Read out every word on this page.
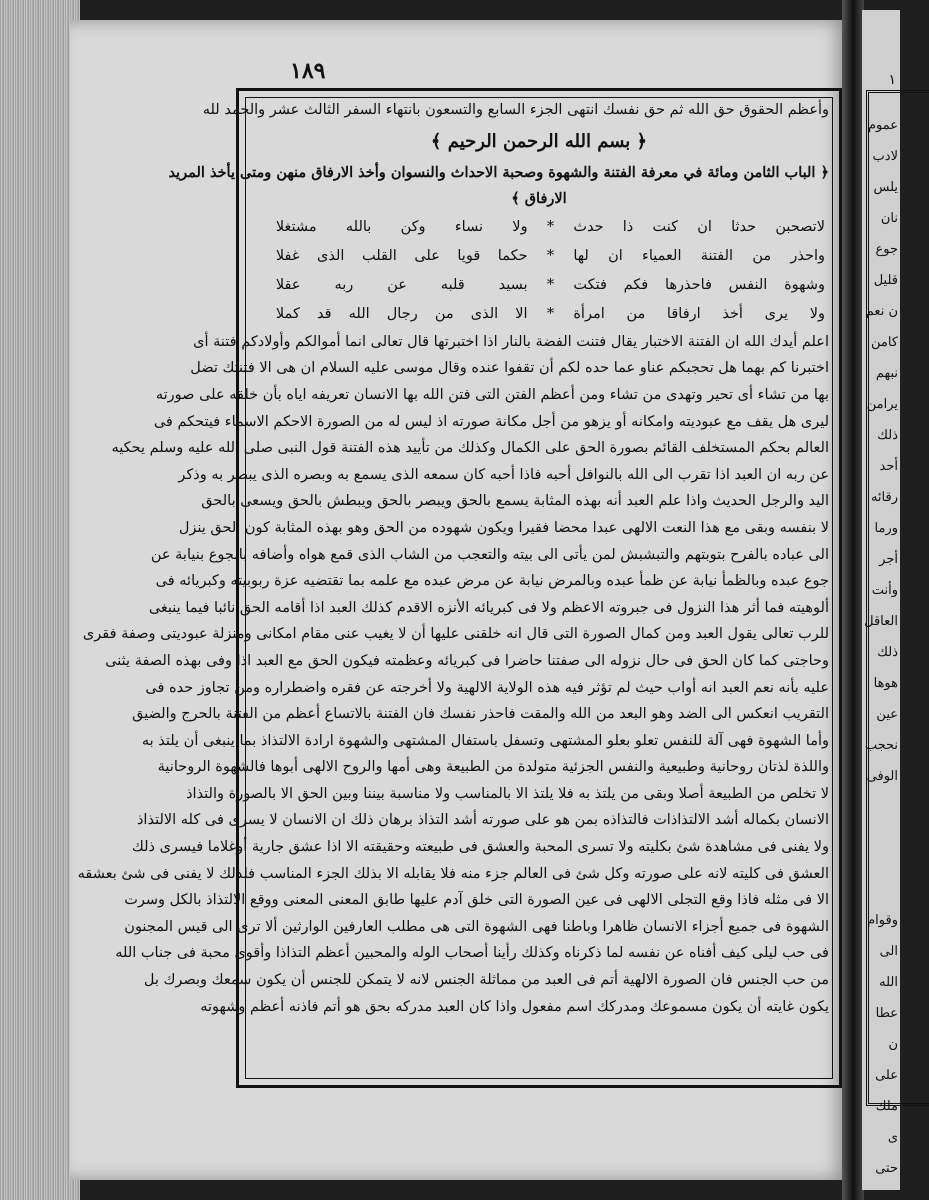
١٨٩
وأعظم الحقوق حق الله ثم حق نفسك انتهى الجزء السابع والتسعون بانتهاء السفر الثالث عشر والحمد لله
﴿ بسم الله الرحمن الرحيم ﴾
﴿ الباب الثامن ومائة في معرفة الفتنة والشهوة وصحبة الاحداث والنسوان وأخذ الارفاق منهن ومتى يأخذ المريد
الارفاق ﴾
لاتصحبن حدثا ان كنت ذا حدث
*
ولا نساء وكن بالله مشتغلا
واحذر من الفتنة العمياء ان لها
*
حكما قويا على القلب الذى غفلا
وشهوة النفس فاحذرها فكم فتكت
*
بسيد قلبه عن ربه عقلا
ولا يرى أخذ ارفاقا من امرأة
*
الا الذى من رجال الله قد كملا
اعلم أيدك الله ان الفتنة الاختبار يقال فتنت الفضة بالنار اذا اختبرتها قال تعالى انما أموالكم وأولادكم فتنة أى
اختبرنا كم بهما هل تحجبكم عناو عما حده لكم أن تقفوا عنده وقال موسى عليه السلام ان هى الا فتنتك تضل
بها من تشاء أى تحير وتهدى من تشاء ومن أعظم الفتن التى فتن الله بها الانسان تعريفه اياه بأن خلقه على صورته
ليرى هل يقف مع عبوديته وامكانه أو يزهو من أجل مكانة صورته اذ ليس له من الصورة الاحكم الاسماء فيتحكم فى
العالم بحكم المستخلف القائم بصورة الحق على الكمال وكذلك من تأييد هذه الفتنة قول النبى صلى الله عليه وسلم يحكيه
عن ربه ان العبد اذا تقرب الى الله بالنوافل أحبه فاذا أحبه كان سمعه الذى يسمع به وبصره الذى يبصر به وذكر
اليد والرجل الحديث واذا علم العبد أنه بهذه المثابة يسمع بالحق ويبصر بالحق ويبطش بالحق ويسعى بالحق
لا بنفسه وبقى مع هذا النعت الالهى عبدا محضا فقيرا ويكون شهوده من الحق وهو بهذه المثابة كون الحق ينزل
الى عباده بالفرح بتوبتهم والتبشبش لمن يأتى الى بيته والتعجب من الشاب الذى قمع هواه وأضافه بالجوع بنيابة عن
جوع عبده وبالظمأ نيابة عن ظمأ عبده وبالمرض نيابة عن مرض عبده مع علمه بما تقتضيه عزة ربوبيته وكبريائه فى
ألوهيته فما أثر هذا النزول فى جبروته الاعظم ولا فى كبريائه الأنزه الاقدم كذلك العبد اذا أقامه الحق نائبا فيما ينبغى
للرب تعالى يقول العبد ومن كمال الصورة التى قال انه خلقنى عليها أن لا يغيب عنى مقام امكانى ومنزلة عبوديتى وصفة فقرى
وحاجتى كما كان الحق فى حال نزوله الى صفتنا حاضرا فى كبريائه وعظمته فيكون الحق مع العبد اذا وفى بهذه الصفة يثنى
عليه بأنه نعم العبد انه أواب حيث لم تؤثر فيه هذه الولاية الالهية ولا أخرجته عن فقره واضطراره ومن تجاوز حده فى
التقريب انعكس الى الضد وهو البعد من الله والمقت فاحذر نفسك فان الفتنة بالاتساع أعظم من الفتنة بالحرج والضيق
وأما الشهوة فهى آلة للنفس تعلو بعلو المشتهى وتسفل باستفال المشتهى والشهوة ارادة الالتذاذ بما ينبغى أن يلتذ به
واللذة لذتان روحانية وطبيعية والنفس الجزئية متولدة من الطبيعة وهى أمها والروح الالهى أبوها فالشهوة الروحانية
لا تخلص من الطبيعة أصلا وبقى من يلتذ به فلا يلتذ الا بالمناسب ولا مناسبة بيننا وبين الحق الا بالصورة والتذاذ
الانسان بكماله أشد الالتذاذات فالتذاذه بمن هو على صورته أشد التذاذ برهان ذلك ان الانسان لا يسرى فى كله الالتذاذ
ولا يفنى فى مشاهدة شئ بكليته ولا تسرى المحبة والعشق فى طبيعته وحقيقته الا اذا عشق جارية أوغلاما فيسرى ذلك
العشق فى كليته لانه على صورته وكل شئ فى العالم جزء منه فلا يقابله الا بذلك الجزء المناسب فلذلك لا يفنى فى شئ بعشقه
الا فى مثله فاذا وقع التجلى الالهى فى عين الصورة التى خلق آدم عليها طابق المعنى المعنى ووقع الالتذاذ بالكل وسرت
الشهوة فى جميع أجزاء الانسان ظاهرا وباطنا فهى الشهوة التى هى مطلب العارفين الوارثين ألا ترى الى قيس المجنون
فى حب ليلى كيف أفناه عن نفسه لما ذكرناه وكذلك رأينا أصحاب الوله والمحبين أعظم التذاذا وأقوى محبة فى جناب الله
من حب الجنس فان الصورة الالهية أتم فى العبد من مماثلة الجنس لانه لا يتمكن للجنس أن يكون سمعك وبصرك بل
يكون غايته أن يكون مسموعك ومدركك اسم مفعول واذا كان العبد مدركه بحق هو أتم فاذنه أعظم وشهوته
١
عموم
لادب
يلس
نان
جوع
قليل
ن نعم
كامن
نبهم
يرامن
ذلك
أحد
رقائه
ورما
أجر
وأنت
العاقل
ذلك
هوها
عين
نحجب
الوفى
وقوام
الى الله
عطا
ن على
ملك
ى حتى
